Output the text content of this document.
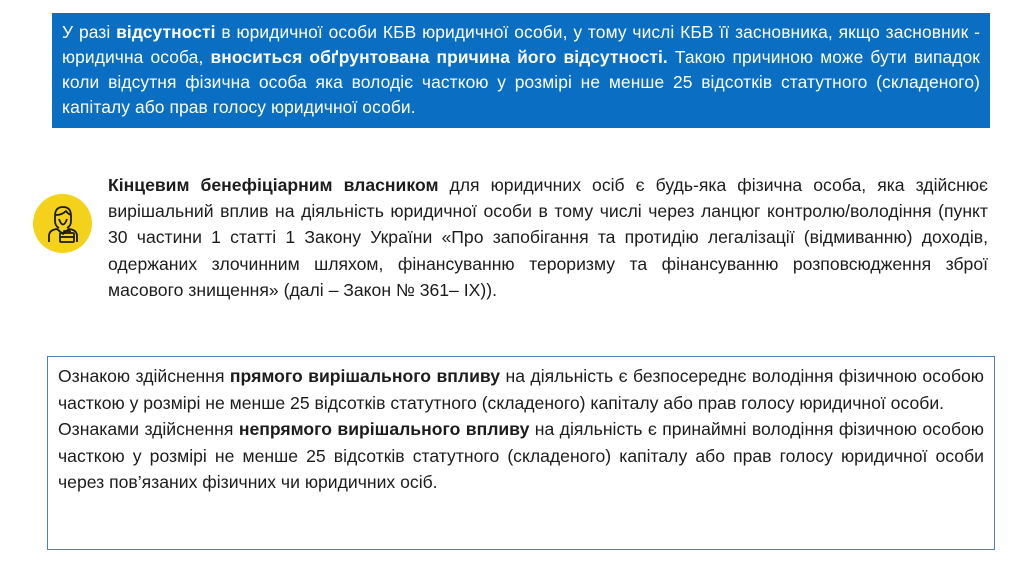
У разі відсутності в юридичної особи КБВ юридичної особи, у тому числі КБВ її засновника, якщо засновник - юридична особа, вноситься обґрунтована причина його відсутності. Такою причиною може бути випадок коли відсутня фізична особа яка володіє часткою у розмірі не менше 25 відсотків статутного (складеного) капіталу або прав голосу юридичної особи.
Кінцевим бенефіціарним власником для юридичних осіб є будь-яка фізична особа, яка здійснює вирішальний вплив на діяльність юридичної особи в тому числі через ланцюг контролю/володіння (пункт 30 частини 1 статті 1 Закону України «Про запобігання та протидію легалізації (відмиванню) доходів, одержаних злочинним шляхом, фінансуванню тероризму та фінансуванню розповсюдження зброї масового знищення» (далі – Закон № 361– ІХ)).

Ознакою здійснення прямого вирішального впливу на діяльність є безпосереднє володіння фізичною особою часткою у розмірі не менше 25 відсотків статутного (складеного) капіталу або прав голосу юридичної особи.

Ознаками здійснення непрямого вирішального впливу на діяльність є принаймні володіння фізичною особою часткою у розмірі не менше 25 відсотків статутного (складеного) капіталу або прав голосу юридичної особи через пов’язаних фізичних чи юридичних осіб.
